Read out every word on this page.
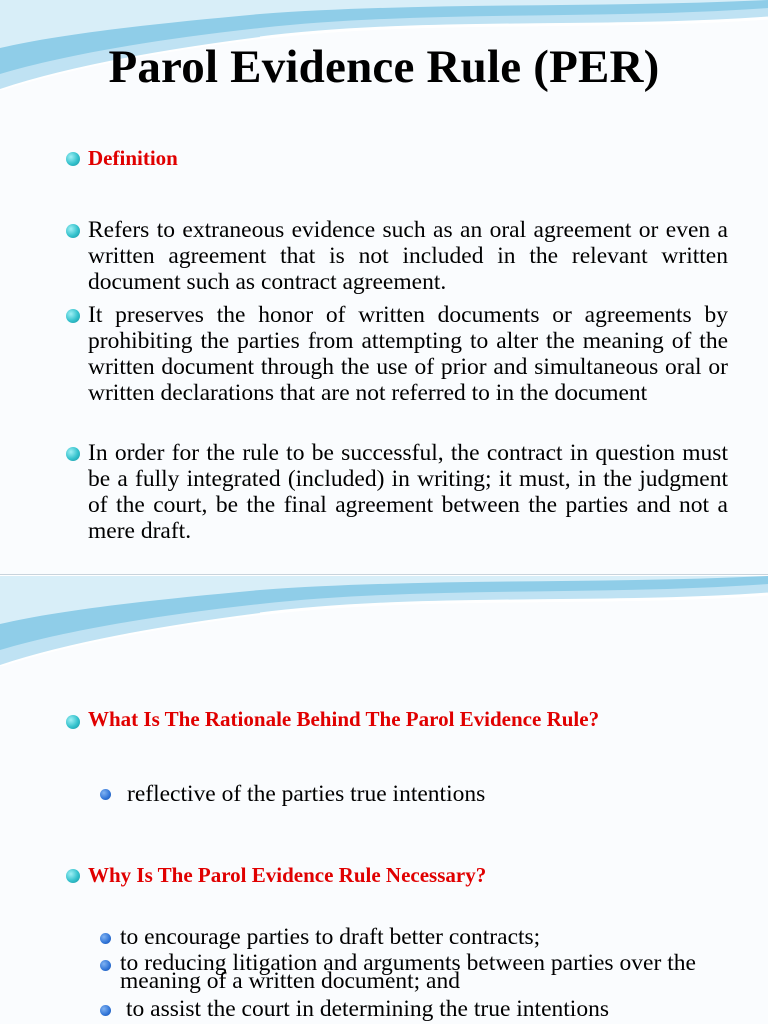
Parol Evidence Rule (PER)
Definition
Refers to extraneous evidence such as an oral agreement or even a written agreement that is not included in the relevant written document such as contract agreement.
It preserves the honor of written documents or agreements by prohibiting the parties from attempting to alter the meaning of the written document through the use of prior and simultaneous oral or written declarations that are not referred to in the document
In order for the rule to be successful, the contract in question must be a fully integrated (included) in writing; it must, in the judgment of the court, be the final agreement between the parties and not a mere draft.
What Is The Rationale Behind The Parol Evidence Rule?
reflective of the parties true intentions
Why Is The Parol Evidence Rule Necessary?
to encourage parties to draft better contracts;
to reducing litigation and arguments between parties over the meaning of a written document; and
to assist the court in determining the true intentions
